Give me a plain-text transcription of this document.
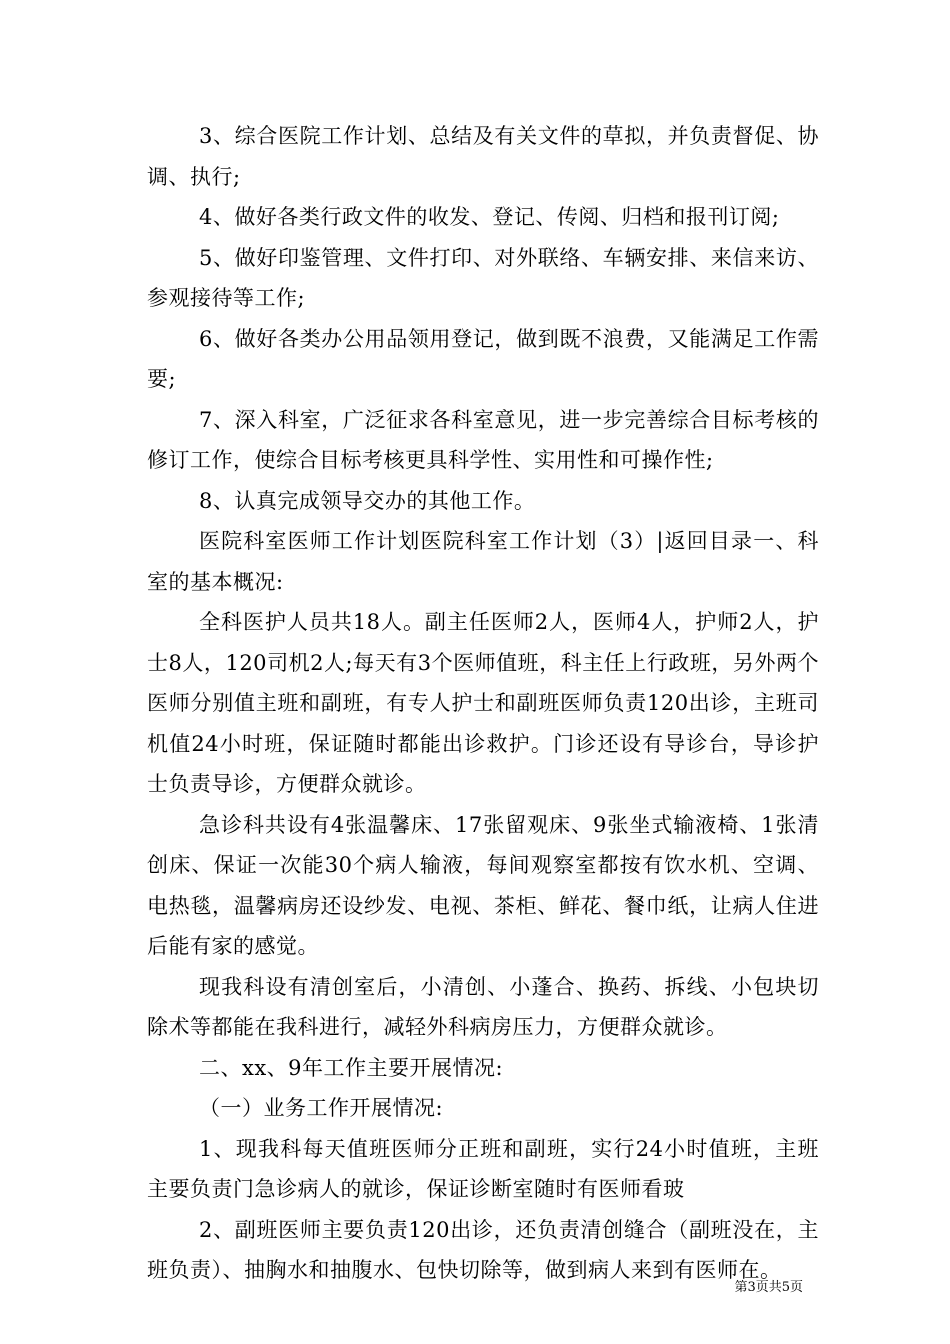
3、综合医院工作计划、总结及有关文件的草拟，并负责督促、协调、执行;

4、做好各类行政文件的收发、登记、传阅、归档和报刊订阅;

5、做好印鉴管理、文件打印、对外联络、车辆安排、来信来访、参观接待等工作;

6、做好各类办公用品领用登记，做到既不浪费，又能满足工作需要;

7、深入科室，广泛征求各科室意见，进一步完善综合目标考核的修订工作，使综合目标考核更具科学性、实用性和可操作性;

8、认真完成领导交办的其他工作。

医院科室医师工作计划医院科室工作计划（3）|返回目录一、科室的基本概况:

全科医护人员共18人。副主任医师2人，医师4人，护师2人，护士8人，120司机2人;每天有3个医师值班，科主任上行政班，另外两个医师分别值主班和副班，有专人护士和副班医师负责120出诊，主班司机值24小时班，保证随时都能出诊救护。门诊还设有导诊台，导诊护士负责导诊，方便群众就诊。

急诊科共设有4张温馨床、17张留观床、9张坐式输液椅、1张清创床、保证一次能30个病人输液，每间观察室都按有饮水机、空调、电热毯，温馨病房还设纱发、电视、茶柜、鲜花、餐巾纸，让病人住进后能有家的感觉。

现我科设有清创室后，小清创、小蓬合、换药、拆线、小包块切除术等都能在我科进行，减轻外科病房压力，方便群众就诊。

二、xx、9年工作主要开展情况:

（一）业务工作开展情况:

1、现我科每天值班医师分正班和副班，实行24小时值班，主班主要负责门急诊病人的就诊，保证诊断室随时有医师看玻

2、副班医师主要负责120出诊，还负责清创缝合（副班没在，主班负责）、抽胸水和抽腹水、包快切除等，做到病人来到有医师在。

第3页共5页
